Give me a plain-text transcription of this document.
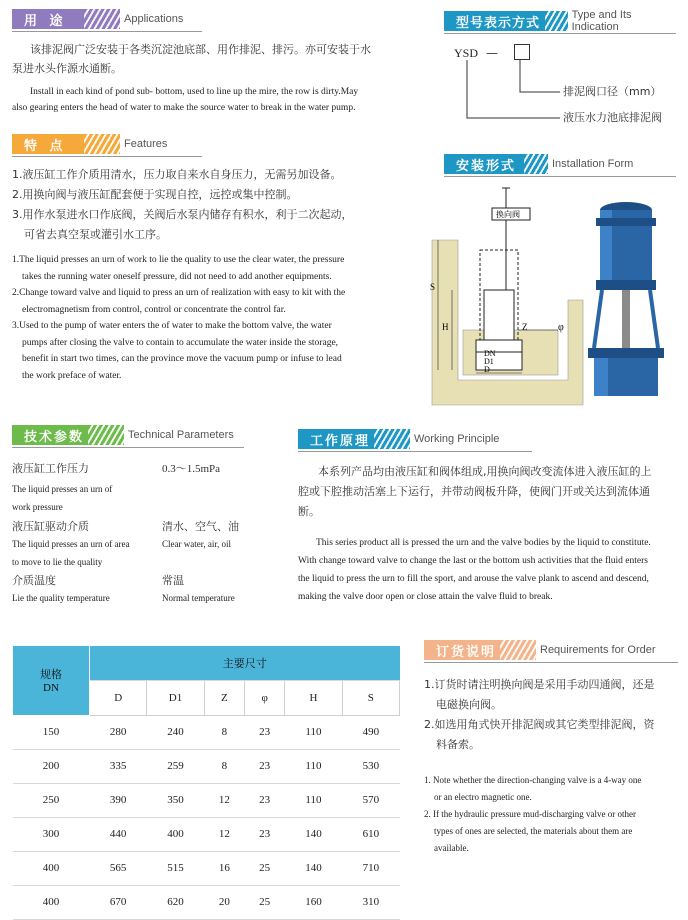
用 途	Applications
该排泥阀广泛安装于各类沉淀池底部、用作排泥、排污。亦可安装于水
泵进水头作源水通断。
Install in each kind of pond sub- bottom, used to line up the mire, the row is dirty.May
also gearing enters the head of water to make the source water to break in the water pump.
型号表示方式
Type and Its Indication
YSD —
排泥阀口径（mm）
液压水力池底排泥阀
特 点	Features
1.液压缸工作介质用清水，压力取自来水自身压力，无需另加设备。
2.用换向阀与液压缸配套便于实现自控，远控或集中控制。
3.用作水泵进水口作底阀，关阀后水泵内储存有积水，利于二次起动，
可省去真空泵或灌引水工序。
1.The liquid presses an urn of work to lie the quality to use the clear water, the pressure
takes the running water oneself pressure, did not need to add another equipments.
2.Change toward valve and liquid to press an urn of realization with easy to kit with the
electromagnetism from control, control or concentrate the control far.
3.Used to the pump of water enters the of water to make the bottom valve, the water
pumps after closing the valve to contain to accumulate the water inside the storage,
benefit in start two times, can the province move the vacuum pump or infuse to lead
the work preface of water.
安装形式	Installation Form
换向阀
H
S
Z	φ
DN
D1
D
技术参数	Technical Parameters
液压缸工作压力	0.3～1.5mPa
The liquid presses an urn of
work pressure
液压缸驱动介质	清水、空气、油
The liquid presses an urn of area	Clear water, air, oil
to move to lie the quality
介质温度	常温
Lie the quality temperature	Normal temperature
工作原理	Working Principle
本系列产品均由液压缸和阀体组成,用换向阀改变流体进入液压缸的上
腔或下腔推动活塞上下运行，并带动阀板升降，使阀门开或关达到流体通
断。
This series product all is pressed the urn and the valve bodies by the liquid to constitute.
With change toward valve to change the last or the bottom ush activities that the fluid enters
the liquid to press the urn to fill the sport, and arouse the valve plank to ascend and descend,
making the valve door open or close attain the valve fluid to break.
规格
DN	主要尺寸					
	D	D1	Z	φ	H	S
150	280	240	8	23	110	490
200	335	259	8	23	110	530
250	390	350	12	23	110	570
300	440	400	12	23	140	610
400	565	515	16	25	140	710
400	670	620	20	25	160	310
订货说明	Requirements for Order
1.订货时请注明换向阀是采用手动四通阀，还是
电磁换向阀。
2.如选用角式快开排泥阀或其它类型排泥阀，资
料备索。
1. Note whether the direction-changing valve is a 4-way one
or an electro magnetic one.
2. If the hydraulic pressure mud-discharging valve or other
types of ones are selected, the materials about them are
available.
